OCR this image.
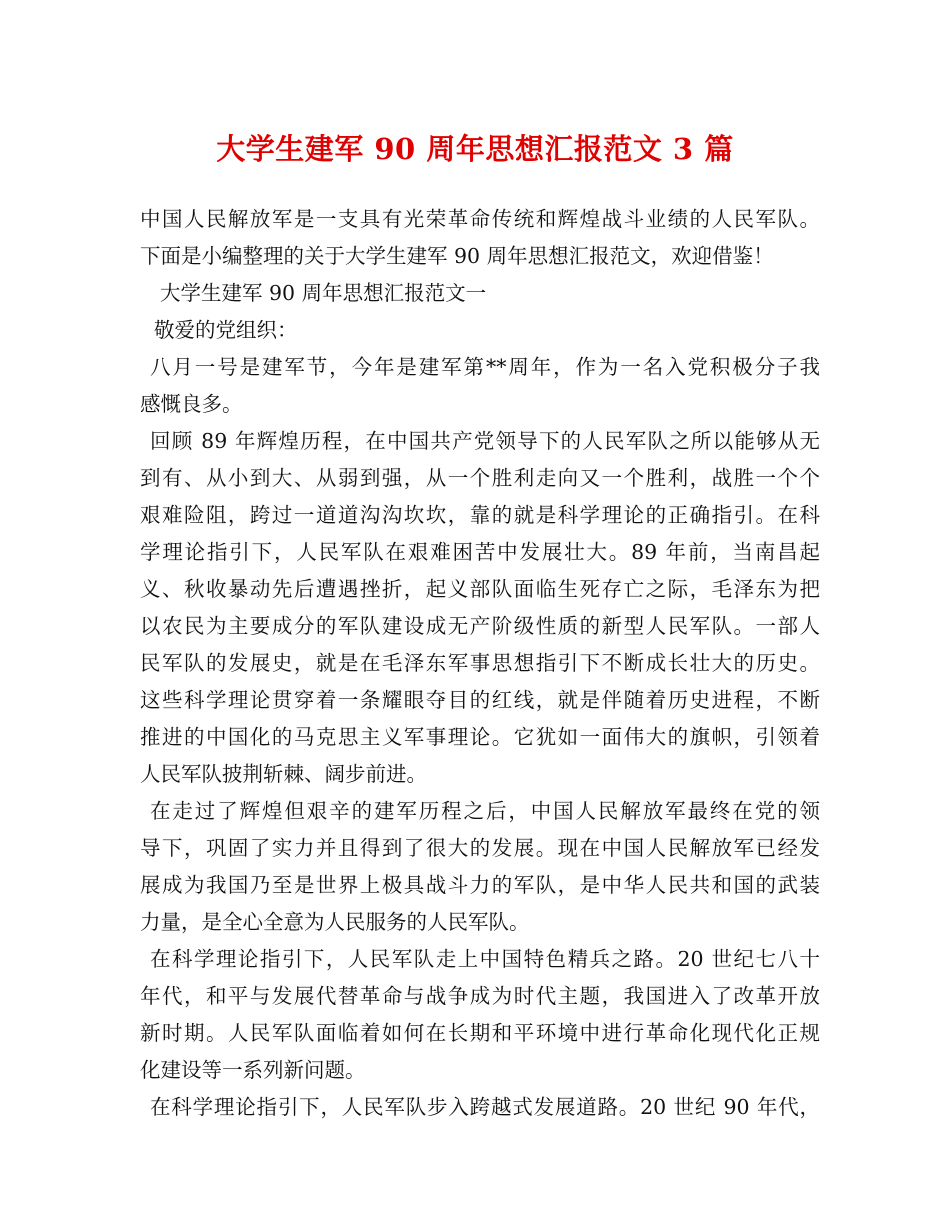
大学生建军 90 周年思想汇报范文 3 篇
中国人民解放军是一支具有光荣革命传统和辉煌战斗业绩的人民军队。
下面是小编整理的关于大学生建军 90 周年思想汇报范文，欢迎借鉴！
大学生建军 90 周年思想汇报范文一
敬爱的党组织：
八月一号是建军节，今年是建军第**周年，作为一名入党积极分子我
感慨良多。
回顾 89 年辉煌历程，在中国共产党领导下的人民军队之所以能够从无
到有、从小到大、从弱到强，从一个胜利走向又一个胜利，战胜一个个
艰难险阻，跨过一道道沟沟坎坎，靠的就是科学理论的正确指引。在科
学理论指引下，人民军队在艰难困苦中发展壮大。89 年前，当南昌起
义、秋收暴动先后遭遇挫折，起义部队面临生死存亡之际，毛泽东为把
以农民为主要成分的军队建设成无产阶级性质的新型人民军队。一部人
民军队的发展史，就是在毛泽东军事思想指引下不断成长壮大的历史。
这些科学理论贯穿着一条耀眼夺目的红线，就是伴随着历史进程，不断
推进的中国化的马克思主义军事理论。它犹如一面伟大的旗帜，引领着
人民军队披荆斩棘、阔步前进。
在走过了辉煌但艰辛的建军历程之后，中国人民解放军最终在党的领
导下，巩固了实力并且得到了很大的发展。现在中国人民解放军已经发
展成为我国乃至是世界上极具战斗力的军队，是中华人民共和国的武装
力量，是全心全意为人民服务的人民军队。
在科学理论指引下，人民军队走上中国特色精兵之路。20 世纪七八十
年代，和平与发展代替革命与战争成为时代主题，我国进入了改革开放
新时期。人民军队面临着如何在长期和平环境中进行革命化现代化正规
化建设等一系列新问题。
在科学理论指引下，人民军队步入跨越式发展道路。20 世纪 90 年代，
